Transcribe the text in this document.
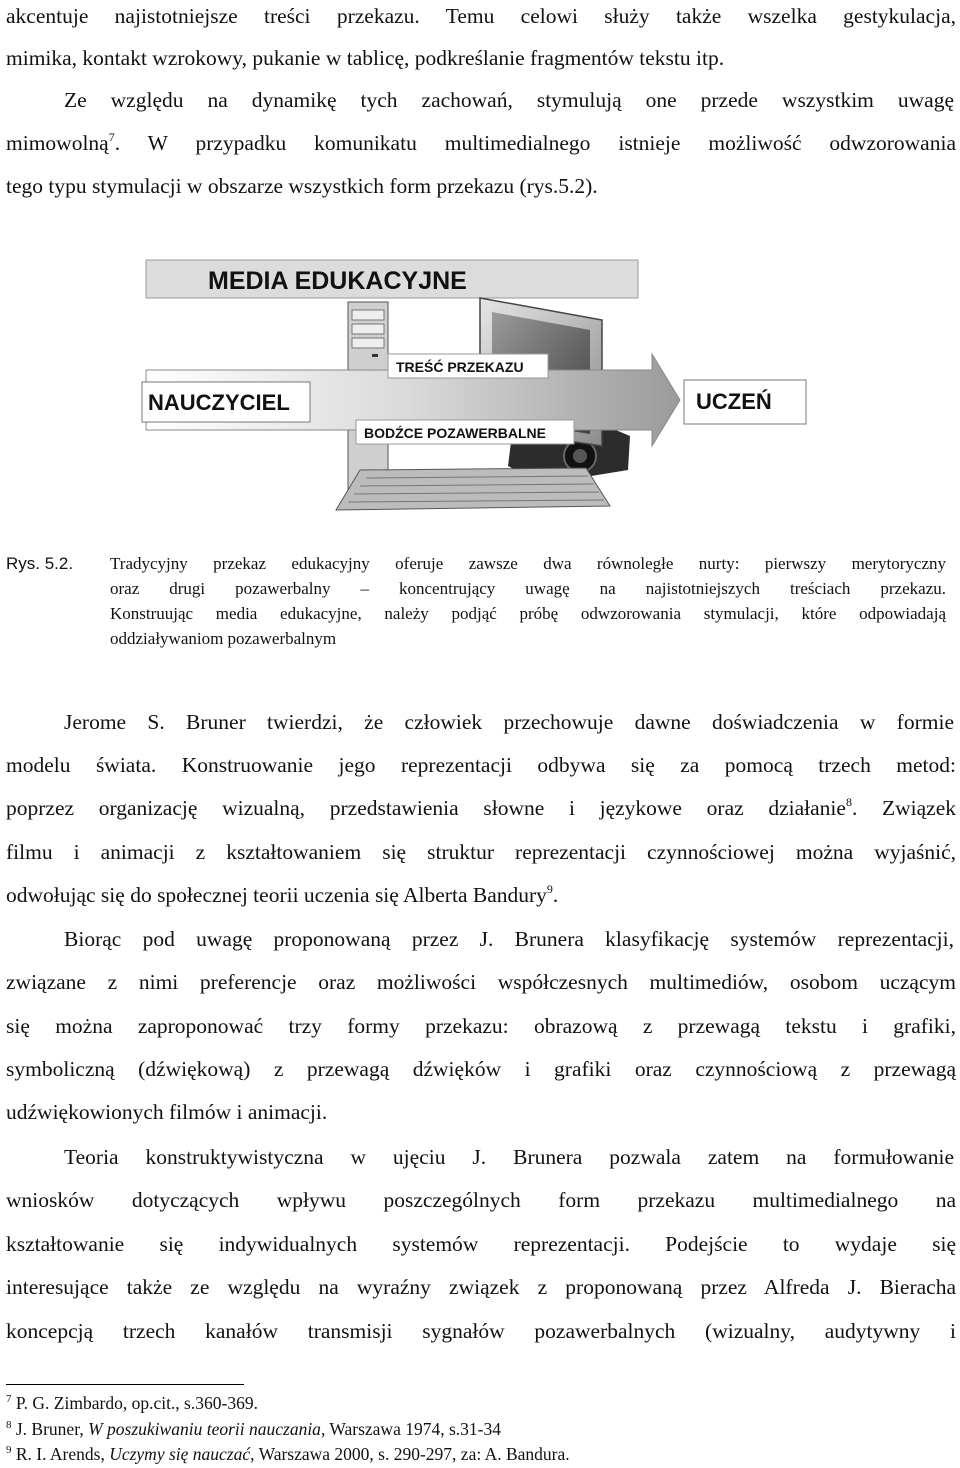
akcentuje najistotniejsze treści przekazu. Temu celowi służy także wszelka gestykulacja,
mimika, kontakt wzrokowy, pukanie w tablicę, podkreślanie fragmentów tekstu itp.
Ze względu na dynamikę tych zachowań, stymulują one przede wszystkim uwagę
mimowolną$^7$. W przypadku komunikatu multimedialnego istnieje możliwość odwzorowania
tego typu stymulacji w obszarze wszystkich form przekazu (rys.5.2).
MEDIA EDUKACYJNE
TREŚĆ PRZEKAZU
BODŹCE POZAWERBALNE
NAUCZYCIEL	UCZEŃ
Rys. 5.2. Tradycyjny przekaz edukacyjny oferuje zawsze dwa równoległe nurty: pierwszy merytoryczny
oraz drugi pozawerbalny – koncentrujący uwagę na najistotniejszych treściach przekazu.
Konstruując media edukacyjne, należy podjąć próbę odwzorowania stymulacji, które odpowiadają
oddziaływaniom pozawerbalnym
Jerome S. Bruner twierdzi, że człowiek przechowuje dawne doświadczenia w formie
modelu świata. Konstruowanie jego reprezentacji odbywa się za pomocą trzech metod:
poprzez organizację wizualną, przedstawienia słowne i językowe oraz działanie$^8$. Związek
filmu i animacji z kształtowaniem się struktur reprezentacji czynnościowej można wyjaśnić,
odwołując się do społecznej teorii uczenia się Alberta Bandury$^9$.
Biorąc pod uwagę proponowaną przez J. Brunera klasyfikację systemów reprezentacji,
związane z nimi preferencje oraz możliwości współczesnych multimediów, osobom uczącym
się można zaproponować trzy formy przekazu: obrazową z przewagą tekstu i grafiki,
symboliczną (dźwiękową) z przewagą dźwięków i grafiki oraz czynnościową z przewagą
udźwiękowionych filmów i animacji.
Teoria konstruktywistyczna w ujęciu J. Brunera pozwala zatem na formułowanie
wniosków dotyczących wpływu poszczególnych form przekazu multimedialnego na
kształtowanie się indywidualnych systemów reprezentacji. Podejście to wydaje się
interesujące także ze względu na wyraźny związek z proponowaną przez Alfreda J. Bieracha
koncepcją trzech kanałów transmisji sygnałów pozawerbalnych (wizualny, audytywny i
$^7$ P. G. Zimbardo, op.cit., s.360-369.
$^8$ J. Bruner, W poszukiwaniu teorii nauczania, Warszawa 1974, s.31-34
$^9$ R. I. Arends, Uczymy się nauczać, Warszawa 2000, s. 290-297, za: A. Bandura.
